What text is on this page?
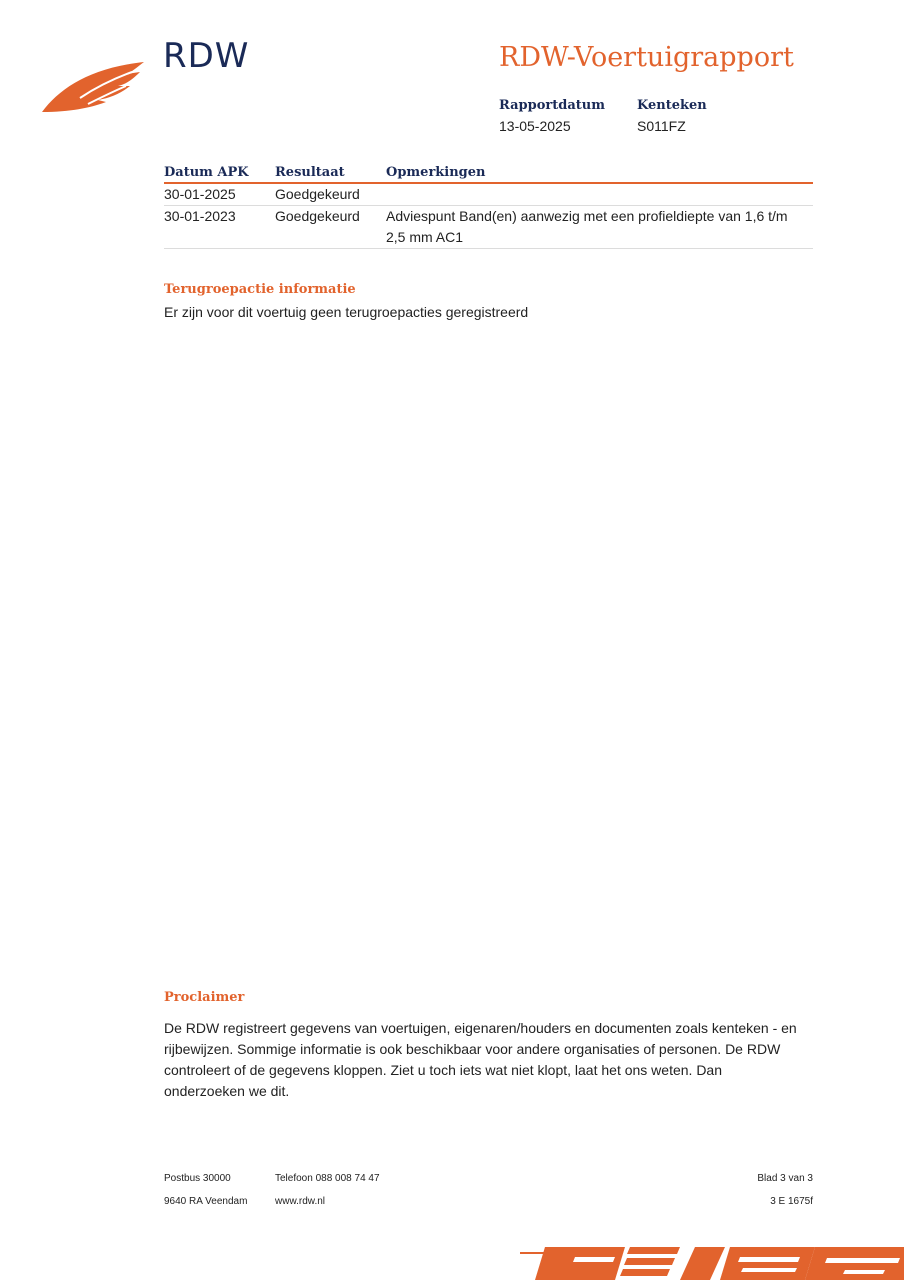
RDW	RDW-Voertuigrapport
Rapportdatum
13-05-2025
Kenteken
S011FZ
Datum APK	Resultaat	Opmerkingen
30-01-2025	Goedgekeurd
30-01-2023	Goedgekeurd	Adviespunt Band(en) aanwezig met een profieldiepte van 1,6 t/m 2,5 mm AC1
Terugroepactie informatie
Er zijn voor dit voertuig geen terugroepacties geregistreerd
Proclaimer
De RDW registreert gegevens van voertuigen, eigenaren/houders en documenten zoals kenteken - en rijbewijzen. Sommige informatie is ook beschikbaar voor andere organisaties of personen. De RDW controleert of de gegevens kloppen. Ziet u toch iets wat niet klopt, laat het ons weten. Dan onderzoeken we dit.
Postbus 30000
9640 RA Veendam
Telefoon 088 008 74 47
www.rdw.nl
Blad 3 van 3
3 E 1675f
